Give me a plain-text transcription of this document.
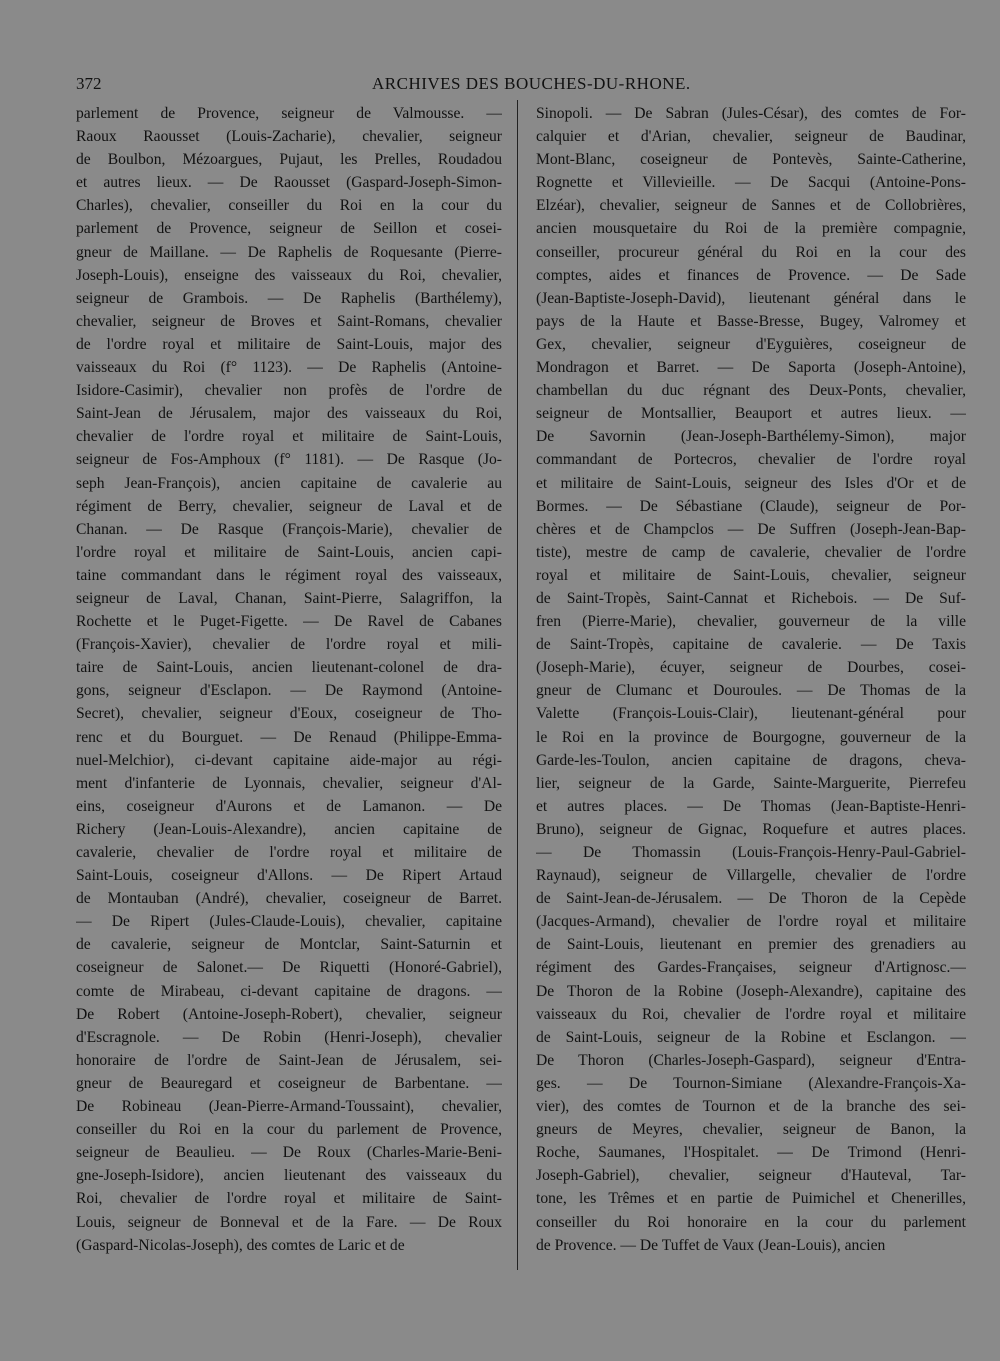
372	ARCHIVES DES BOUCHES-DU-RHONE.
parlement de Provence, seigneur de Valmousse. —
Raoux Raousset (Louis-Zacharie), chevalier, seigneur
de Boulbon, Mézoargues, Pujaut, les Prelles, Roudadou
et autres lieux. — De Raousset (Gaspard-Joseph-Simon-
Charles), chevalier, conseiller du Roi en la cour du
parlement de Provence, seigneur de Seillon et cosei-
gneur de Maillane. — De Raphelis de Roquesante (Pierre-
Joseph-Louis), enseigne des vaisseaux du Roi, chevalier,
seigneur de Grambois. — De Raphelis (Barthélemy),
chevalier, seigneur de Broves et Saint-Romans, chevalier
de l'ordre royal et militaire de Saint-Louis, major des
vaisseaux du Roi (f° 1123). — De Raphelis (Antoine-
Isidore-Casimir), chevalier non profès de l'ordre de
Saint-Jean de Jérusalem, major des vaisseaux du Roi,
chevalier de l'ordre royal et militaire de Saint-Louis,
seigneur de Fos-Amphoux (f° 1181). — De Rasque (Jo-
seph Jean-François), ancien capitaine de cavalerie au
régiment de Berry, chevalier, seigneur de Laval et de
Chanan. — De Rasque (François-Marie), chevalier de
l'ordre royal et militaire de Saint-Louis, ancien capi-
taine commandant dans le régiment royal des vaisseaux,
seigneur de Laval, Chanan, Saint-Pierre, Salagriffon, la
Rochette et le Puget-Figette. — De Ravel de Cabanes
(François-Xavier), chevalier de l'ordre royal et mili-
taire de Saint-Louis, ancien lieutenant-colonel de dra-
gons, seigneur d'Esclapon. — De Raymond (Antoine-
Secret), chevalier, seigneur d'Eoux, coseigneur de Tho-
renc et du Bourguet. — De Renaud (Philippe-Emma-
nuel-Melchior), ci-devant capitaine aide-major au régi-
ment d'infanterie de Lyonnais, chevalier, seigneur d'Al-
eins, coseigneur d'Aurons et de Lamanon. — De
Richery (Jean-Louis-Alexandre), ancien capitaine de
cavalerie, chevalier de l'ordre royal et militaire de
Saint-Louis, coseigneur d'Allons. — De Ripert Artaud
de Montauban (André), chevalier, coseigneur de Barret.
— De Ripert (Jules-Claude-Louis), chevalier, capitaine
de cavalerie, seigneur de Montclar, Saint-Saturnin et
coseigneur de Salonet.— De Riquetti (Honoré-Gabriel),
comte de Mirabeau, ci-devant capitaine de dragons. —
De Robert (Antoine-Joseph-Robert), chevalier, seigneur
d'Escragnole. — De Robin (Henri-Joseph), chevalier
honoraire de l'ordre de Saint-Jean de Jérusalem, sei-
gneur de Beauregard et coseigneur de Barbentane. —
De Robineau (Jean-Pierre-Armand-Toussaint), chevalier,
conseiller du Roi en la cour du parlement de Provence,
seigneur de Beaulieu. — De Roux (Charles-Marie-Beni-
gne-Joseph-Isidore), ancien lieutenant des vaisseaux du
Roi, chevalier de l'ordre royal et militaire de Saint-
Louis, seigneur de Bonneval et de la Fare. — De Roux
(Gaspard-Nicolas-Joseph), des comtes de Laric et de
Sinopoli. — De Sabran (Jules-César), des comtes de For-
calquier et d'Arian, chevalier, seigneur de Baudinar,
Mont-Blanc, coseigneur de Pontevès, Sainte-Catherine,
Rognette et Villevieille. — De Sacqui (Antoine-Pons-
Elzéar), chevalier, seigneur de Sannes et de Collobrières,
ancien mousquetaire du Roi de la première compagnie,
conseiller, procureur général du Roi en la cour des
comptes, aides et finances de Provence. — De Sade
(Jean-Baptiste-Joseph-David), lieutenant général dans le
pays de la Haute et Basse-Bresse, Bugey, Valromey et
Gex, chevalier, seigneur d'Eyguières, coseigneur de
Mondragon et Barret. — De Saporta (Joseph-Antoine),
chambellan du duc régnant des Deux-Ponts, chevalier,
seigneur de Montsallier, Beauport et autres lieux. —
De Savornin (Jean-Joseph-Barthélemy-Simon), major
commandant de Portecros, chevalier de l'ordre royal
et militaire de Saint-Louis, seigneur des Isles d'Or et de
Bormes. — De Sébastiane (Claude), seigneur de Por-
chères et de Champclos — De Suffren (Joseph-Jean-Bap-
tiste), mestre de camp de cavalerie, chevalier de l'ordre
royal et militaire de Saint-Louis, chevalier, seigneur
de Saint-Tropès, Saint-Cannat et Richebois. — De Suf-
fren (Pierre-Marie), chevalier, gouverneur de la ville
de Saint-Tropès, capitaine de cavalerie. — De Taxis
(Joseph-Marie), écuyer, seigneur de Dourbes, cosei-
gneur de Clumanc et Douroules. — De Thomas de la
Valette (François-Louis-Clair), lieutenant-général pour
le Roi en la province de Bourgogne, gouverneur de la
Garde-les-Toulon, ancien capitaine de dragons, cheva-
lier, seigneur de la Garde, Sainte-Marguerite, Pierrefeu
et autres places. — De Thomas (Jean-Baptiste-Henri-
Bruno), seigneur de Gignac, Roquefure et autres places.
— De Thomassin (Louis-François-Henry-Paul-Gabriel-
Raynaud), seigneur de Villargelle, chevalier de l'ordre
de Saint-Jean-de-Jérusalem. — De Thoron de la Cepède
(Jacques-Armand), chevalier de l'ordre royal et militaire
de Saint-Louis, lieutenant en premier des grenadiers au
régiment des Gardes-Françaises, seigneur d'Artignosc.—
De Thoron de la Robine (Joseph-Alexandre), capitaine des
vaisseaux du Roi, chevalier de l'ordre royal et militaire
de Saint-Louis, seigneur de la Robine et Esclangon. —
De Thoron (Charles-Joseph-Gaspard), seigneur d'Entra-
ges. — De Tournon-Simiane (Alexandre-François-Xa-
vier), des comtes de Tournon et de la branche des sei-
gneurs de Meyres, chevalier, seigneur de Banon, la
Roche, Saumanes, l'Hospitalet. — De Trimond (Henri-
Joseph-Gabriel), chevalier, seigneur d'Hauteval, Tar-
tone, les Trêmes et en partie de Puimichel et Chenerilles,
conseiller du Roi honoraire en la cour du parlement
de Provence. — De Tuffet de Vaux (Jean-Louis), ancien
